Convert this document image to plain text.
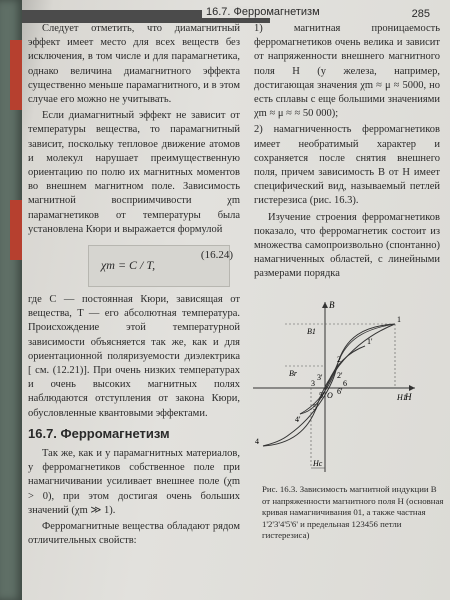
16.7. Ферромагнетизм	285

Следует отметить, что диамагнитный эффект имеет место для всех веществ без исключения, в том числе и для парамагнетика, однако величина диамагнитного эффекта существенно меньше парамагнитного, и в этом случае его можно не учитывать.

Если диамагнитный эффект не зависит от температуры вещества, то парамагнитный зависит, поскольку тепловое движение атомов и молекул нарушает преимущественную ориентацию по полю их магнитных моментов во внешнем магнитном поле. Зависимость магнитной восприимчивости χm парамагнетиков от температуры была установлена Кюри и выражается формулой

χm = C / T,
(16.24)

где C — постоянная Кюри, зависящая от вещества, T — его абсолютная температура. Происхождение этой температурной зависимости объясняется так же, как и для ориентационной поляризуемости диэлектрика [ см. (12.21)]. При очень низких температурах и очень высоких магнитных полях наблюдаются отступления от закона Кюри, обусловленные квантовыми эффектами.

16.7. Ферромагнетизм

Так же, как и у парамагнитных материалов, у ферромагнетиков собственное поле при намагничивании усиливает внешнее поле (χm > 0), при этом достигая очень больших значений (χm ≫ 1).

Ферромагнитные вещества обладают рядом отличительных свойств:

1) магнитная проницаемость ферромагнетиков очень велика и зависит от напряженности внешнего магнитного поля H (у железа, например, достигающая значения χm ≈ μ ≈ 5000, но есть сплавы с еще большими значениями χm ≈ μ ≈ ≈ 50 000);

2) намагниченность ферромагнетиков имеет необратимый характер и сохраняется после снятия внешнего поля, причем зависимость B от H имеет специфический вид, называемый петлей гистерезиса (рис. 16.3).

Изучение строения ферромагнетиков показало, что ферромагнетик состоит из множества самопроизвольно (спонтанно) намагниченных областей, с линейными размерами порядка

B
H
B1
Br
H1
Hc
O
1
2
3
4
5
6
1'
2'
3'
4'
5' 6'
Рис. 16.3. Зависимость магнитной индукции B от напряженности магнитного поля H (основная кривая намагничивания 01, а также частная 1'2'3'4'5'6' и предельная 123456 петли гистерезиса)
